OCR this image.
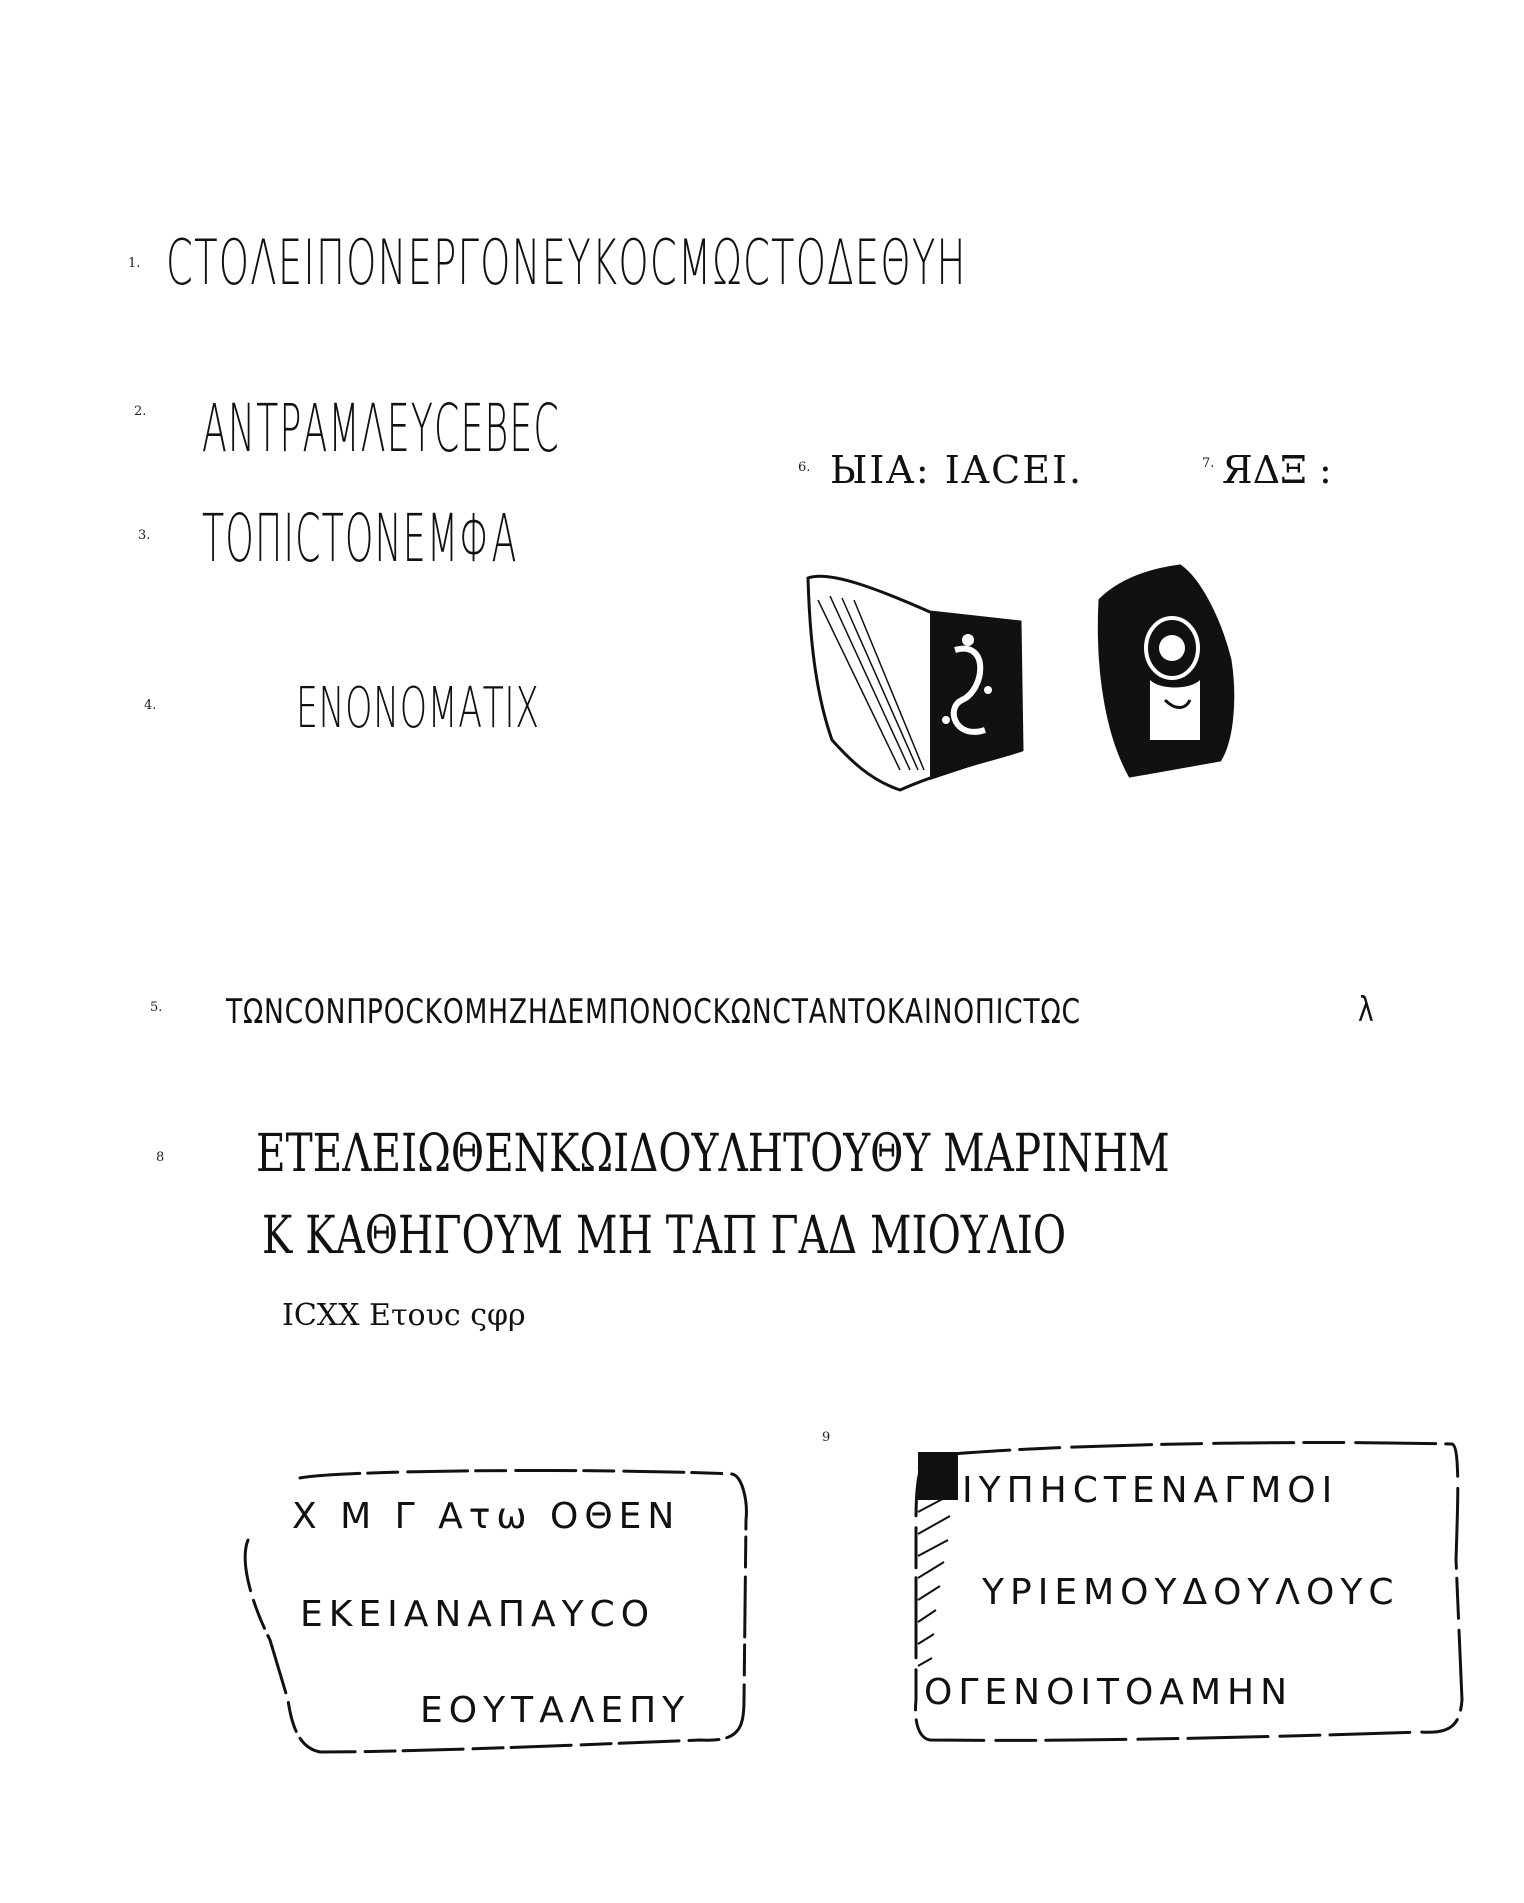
1.
2.
3.
4.
5.
6.	7.
8
9
CΤΟΛΕΙΠΟΝΕΡΓΟΝΕΥΚΟCΜΩCΤΟΔΕΘΥΗ
ΑΝΤΡΑΜΛΕΥCΕΒΕC
ΤΟΠΙCΤΟΝΕΜΦΑ
ΕΝΟΝΟΜΑΤΙΧ
ΤΩΝCΟΝΠΡΟCΚΟΜΗΖΗΔΕΜΠΟΝΟCΚΩΝCΤΑΝΤΟΚΑΙΝΟΠΙCΤΩC	λ
ЫΙΑ: ΙΑCΕΙ.	ЯΔΞ :
ΕΤΕΛΕΙΩΘΕΝΚΩΙΔΟΥΛΗΤΟΥΘΥ ΜΑΡΙΝΗΜ
Κ ΚΑΘΗΓΟΥΜ ΜΗ ΤΑΠ ΓΑΔ ΜΙΟΥΛΙΟ
ΙCΧΧ Ετουc ςφρ
Χ Μ Γ Ατω ΟΘΕΝ
ΕΚΕΙΑΝΑΠΑΥCΟ
ΕΟΥΤΑΛΕΠΥ
ΙΥΠΗCΤΕΝΑΓΜΟΙ
ΥΡΙΕΜΟΥΔΟΥΛΟΥC
ΟΓΕΝΟΙΤΟΑΜΗΝ
